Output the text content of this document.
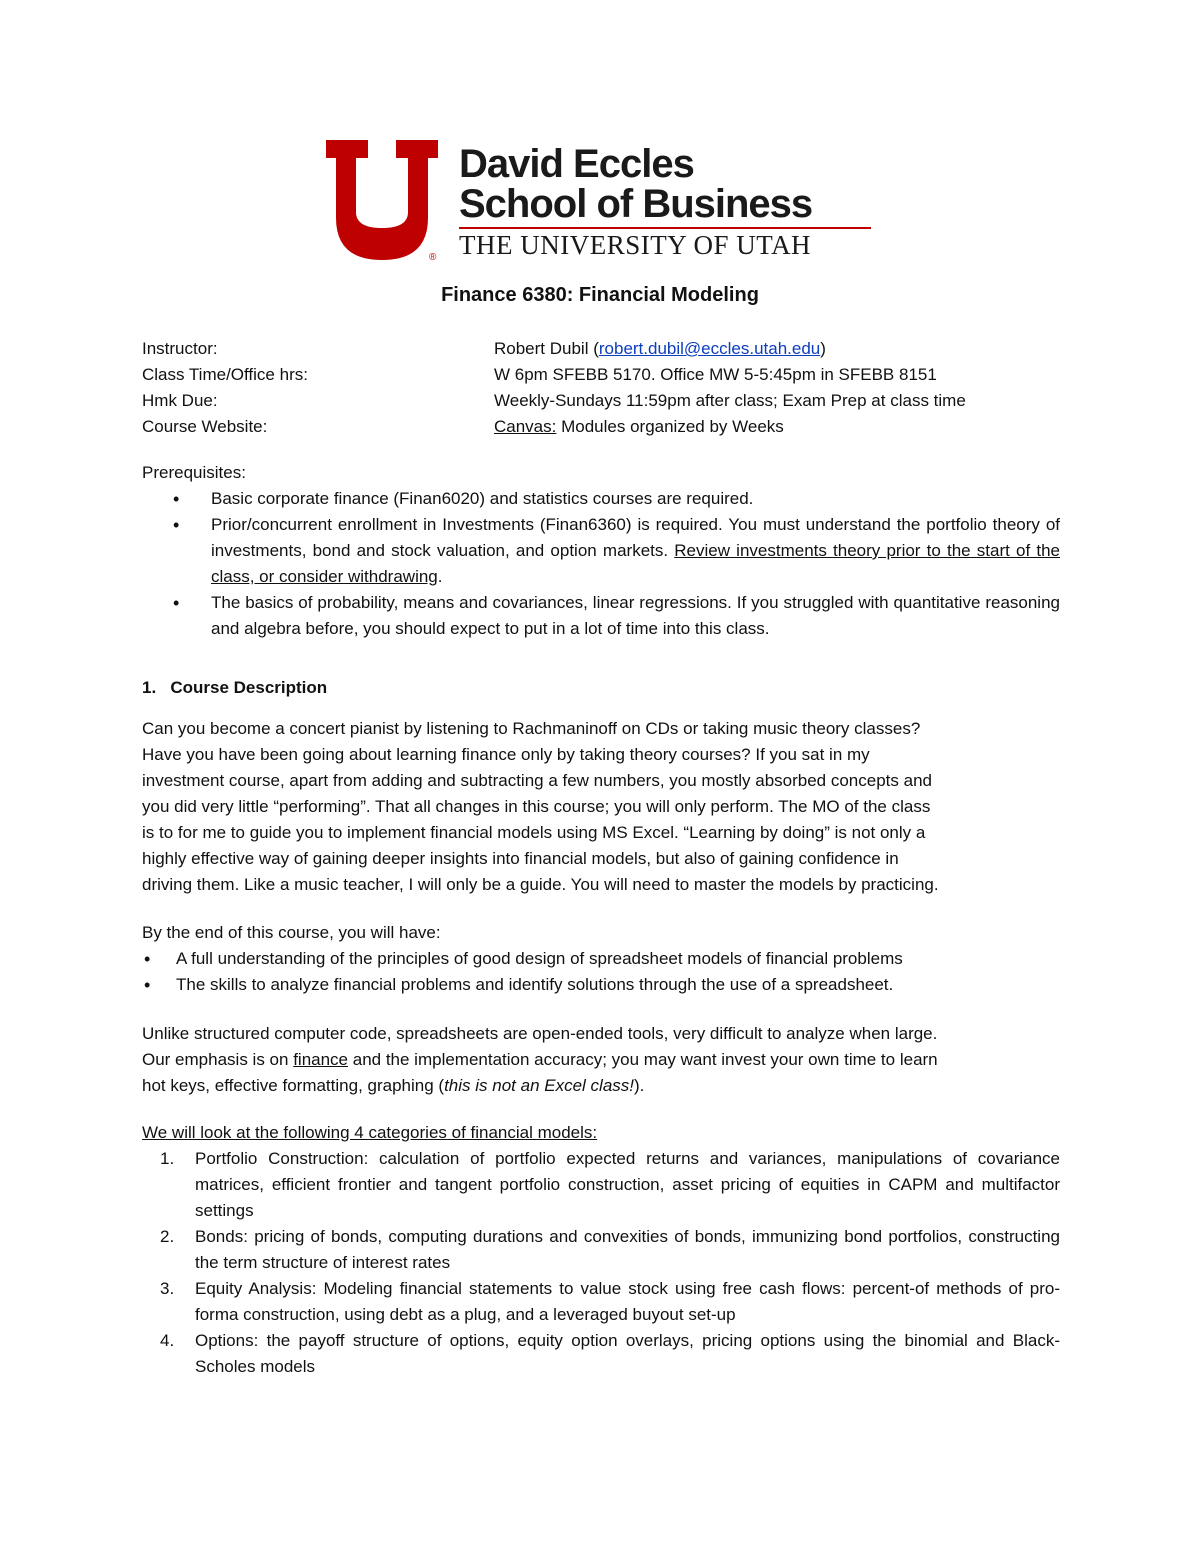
®
David Eccles
School of Business
THE UNIVERSITY OF UTAH
Finance 6380: Financial Modeling
Instructor:	Robert Dubil (robert.dubil@eccles.utah.edu)
Class Time/Office hrs:	W 6pm SFEBB 5170. Office MW 5-5:45pm in SFEBB 8151
Hmk Due:	Weekly-Sundays 11:59pm after class; Exam Prep at class time
Course Website:	Canvas: Modules organized by Weeks
Prerequisites:
• Basic corporate finance (Finan6020) and statistics courses are required.
• Prior/concurrent enrollment in Investments (Finan6360) is required. You must understand the portfolio theory of investments, bond and stock valuation, and option markets. Review investments theory prior to the start of the class, or consider withdrawing.
• The basics of probability, means and covariances, linear regressions. If you struggled with quantitative reasoning and algebra before, you should expect to put in a lot of time into this class.
1.   Course Description
Can you become a concert pianist by listening to Rachmaninoff on CDs or taking music theory classes?
Have you have been going about learning finance only by taking theory courses? If you sat in my
investment course, apart from adding and subtracting a few numbers, you mostly absorbed concepts and
you did very little “performing”. That all changes in this course; you will only perform. The MO of the class
is to for me to guide you to implement financial models using MS Excel. “Learning by doing” is not only a
highly effective way of gaining deeper insights into financial models, but also of gaining confidence in
driving them. Like a music teacher, I will only be a guide. You will need to master the models by practicing.
By the end of this course, you will have:
• A full understanding of the principles of good design of spreadsheet models of financial problems
• The skills to analyze financial problems and identify solutions through the use of a spreadsheet.
Unlike structured computer code, spreadsheets are open-ended tools, very difficult to analyze when large.
Our emphasis is on finance and the implementation accuracy; you may want invest your own time to learn
hot keys, effective formatting, graphing (this is not an Excel class!).
We will look at the following 4 categories of financial models:
1. Portfolio Construction: calculation of portfolio expected returns and variances, manipulations of covariance matrices, efficient frontier and tangent portfolio construction, asset pricing of equities in CAPM and multifactor settings
2. Bonds: pricing of bonds, computing durations and convexities of bonds, immunizing bond portfolios, constructing the term structure of interest rates
3. Equity Analysis: Modeling financial statements to value stock using free cash flows: percent-of methods of pro-forma construction, using debt as a plug, and a leveraged buyout set-up
4. Options: the payoff structure of options, equity option overlays, pricing options using the binomial and Black-Scholes models
